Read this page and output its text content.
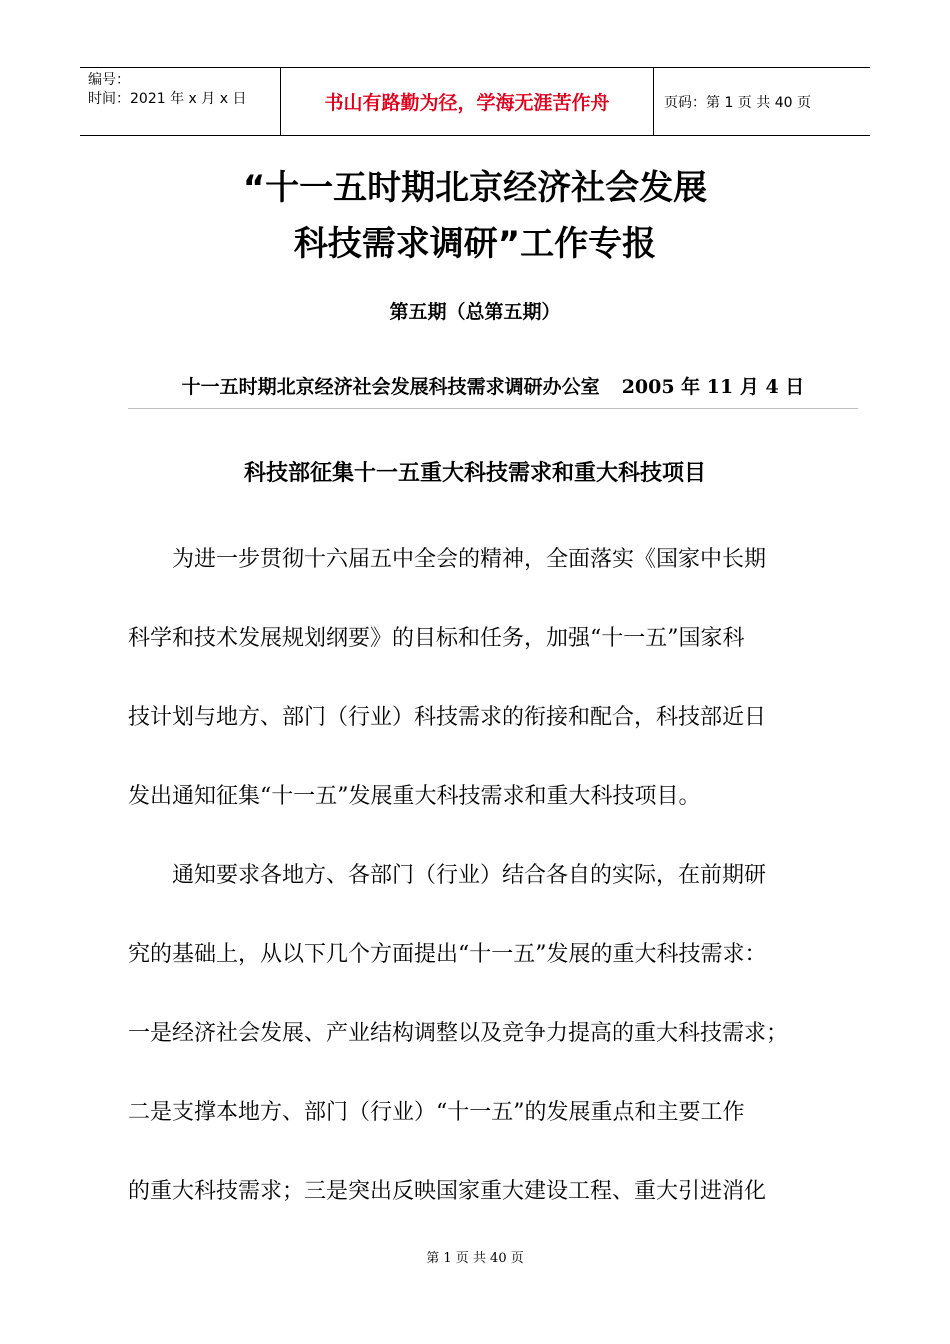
编号：
时间：2021 年 x 月 x 日	书山有路勤为径，学海无涯苦作舟	页码：第 1 页 共 40 页
“十一五时期北京经济社会发展
科技需求调研”工作专报
第五期（总第五期）
十一五时期北京经济社会发展科技需求调研办公室 2005 年 11 月 4 日
科技部征集十一五重大科技需求和重大科技项目
　　为进一步贯彻十六届五中全会的精神，全面落实《国家中长期
科学和技术发展规划纲要》的目标和任务，加强“十一五”国家科
技计划与地方、部门（行业）科技需求的衔接和配合，科技部近日
发出通知征集“十一五”发展重大科技需求和重大科技项目。
　　通知要求各地方、各部门（行业）结合各自的实际，在前期研
究的基础上，从以下几个方面提出“十一五”发展的重大科技需求：
一是经济社会发展、产业结构调整以及竞争力提高的重大科技需求；
二是支撑本地方、部门（行业）“十一五”的发展重点和主要工作
的重大科技需求；三是突出反映国家重大建设工程、重大引进消化
第 1 页 共 40 页
